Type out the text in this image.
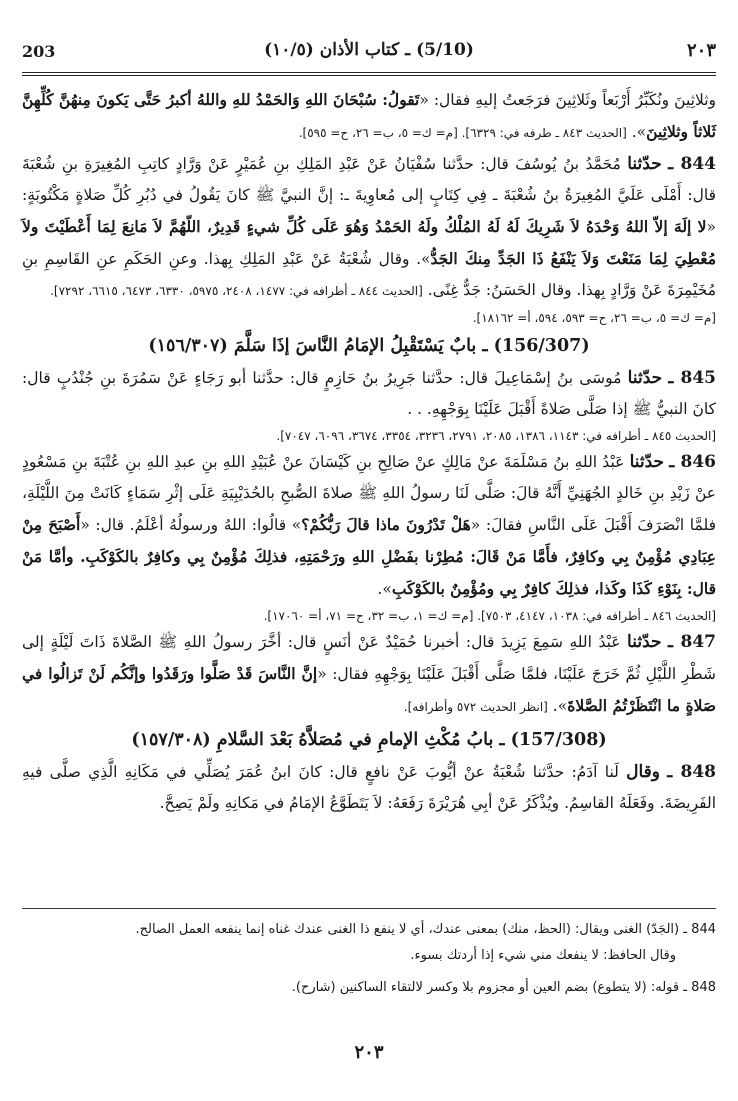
203	(5/10) ـ كتاب الأذان (١٠/٥)	٢٠٣

وثلاثِينَ ونُكَبِّرُ أَرْبَعاً وثَلاثِينَ فرَجَعتُ إليهِ فقال: «تَقولُ: سُبْحَانَ اللهِ وَالحَمْدُ للهِ واللهُ أكبرُ حَتَّى يَكونَ مِنهُنَّ كُلِّهِنَّ ثَلاثاً وثلاثِينَ». [الحديث ٨٤٣ ـ طرفه في: ٦٣٢٩]. [م= ك= ٥، ب= ٢٦، ح= ٥٩٥].

844 ـ حدّثنا مُحَمَّدُ بنُ يُوسُفَ قال: حدَّثنا سُفْيَانُ عَنْ عَبْدِ المَلِكِ بنِ عُمَيْرٍ عَنْ وَرَّادٍ كاتِبِ المُغِيرَةِ بنِ شُعْبَةَ قال: أَمْلَى عَلَيَّ المُغِيرَةُ بنُ شُعْبَةَ ـ فِي كِتَابٍ إلى مُعاوِيةَ ـ: إنَّ النبيَّ ﷺ كانَ يَقُولُ في دُبُرِ كُلِّ صَلاةٍ مَكْتُوبَةٍ: «لا إلَهَ إلاّ اللهُ وَحْدَهُ لاَ شَرِيكَ لَهُ لَهُ المُلْكُ ولَهُ الحَمْدُ وَهُوَ عَلَى كُلِّ شيءٍ قَدِيرٌ، اللّهُمَّ لاَ مَانِعَ لِمَا أَعْطَيْتَ ولاَ مُعْطِيَ لِمَا مَنَعْتَ وَلاَ يَنْفَعُ ذَا الجَدِّ مِنكَ الجَدُّ». وقال شُعْبَةُ عَنْ عَبْدِ المَلِكِ بِهذا. وعنِ الحَكَمِ عنِ القَاسِمِ بنِ مُخَيْمِرَةَ عَنْ وَرَّادٍ بِهذا. وقال الحَسَنُ: جَدٌّ غِنًى. [الحديث ٨٤٤ ـ أطرافه في: ١٤٧٧، ٢٤٠٨، ٥٩٧٥، ٦٣٣٠، ٦٤٧٣، ٦٦١٥، ٧٢٩٢].

[م= ك= ٥، ب= ٢٦، ح= ٥٩٣، ٥٩٤، أ= ١٨١٦٢].

(156/307) ـ بابٌ يَسْتَقْبِلُ الإمَامُ النَّاسَ إذَا سَلَّمَ (١٥٦/٣٠٧)

845 ـ حدّثنا مُوسَى بنُ إسْمَاعِيلَ قال: حدَّثنا جَرِيرُ بنُ حَازِمٍ قال: حدَّثنا أبو رَجَاءٍ عَنْ سَمُرَةَ بنِ جُنْدُبٍ قال: كانَ النبيُّ ﷺ إذا صَلَّى صَلاةً أَقْبَلَ عَلَيْنَا بِوَجْهِهِ. . .

[الحديث ٨٤٥ ـ أطرافه في: ١١٤٣، ١٣٨٦، ٢٠٨٥، ٢٧٩١، ٣٢٣٦، ٣٣٥٤، ٣٦٧٤، ٦٠٩٦، ٧٠٤٧].

846 ـ حدّثنا عَبْدُ اللهِ بنُ مَسْلَمَةَ عنْ مَالِكٍ عنْ صَالِحِ بنِ كَيْسَانَ عنْ عُبَيْدِ اللهِ بنِ عبدِ اللهِ بنِ عُتْبَةَ بنِ مَسْعُودٍ عنْ زَيْدِ بنِ خَالدٍ الجُهَنِيِّ أَنَّهُ قالَ: صَلَّى لَنَا رسولُ اللهِ ﷺ صلاةَ الصُّبحِ بالحُدَيْبِيَةِ عَلَى إثْرِ سَمَاءٍ كَانَتْ مِنَ اللَّيْلَةِ، فلمَّا انْصَرَفَ أَقْبَلَ عَلَى النَّاسِ فقالَ: «هَلْ تَدْرُونَ ماذا قالَ رَبُّكُمْ؟» قالُوا: اللهُ ورسولُهُ أعْلَمُ. قال: «أَصْبَحَ مِنْ عِبَادِي مُؤْمِنٌ بِي وكافِرٌ، فأَمَّا مَنْ قَالَ: مُطِرْنا بفَضْلِ اللهِ ورَحْمَتِهِ، فذلِكَ مُؤْمِنٌ بِي وكافِرٌ بالكَوْكَبِ. وأمَّا مَنْ قال: بِنَوْءِ كَذَا وكَذا، فذلِكَ كافِرٌ بِي ومُؤْمِنٌ بالكَوْكَبِ».

[الحديث ٨٤٦ ـ أطرافه في: ١٠٣٨، ٤١٤٧، ٧٥٠٣]. [م= ك= ١، ب= ٣٢، ح= ٧١، أ= ١٧٠٦٠].

847 ـ حدّثنا عَبْدُ اللهِ سَمِعَ يَزِيدَ قال: أخبرنا حُمَيْدٌ عَنْ أنَسٍ قال: أخَّرَ رسولُ اللهِ ﷺ الصَّلاةَ ذَاتَ لَيْلَةٍ إلى شَطْرِ اللَّيْلِ ثُمَّ خَرَجَ عَلَيْنَا، فلمَّا صَلَّى أَقْبَلَ عَلَيْنَا بِوَجْهِهِ فقال: «إنَّ النَّاسَ قَدْ صَلَّوا ورَقَدُوا وإنَّكُم لَنْ تَزالُوا في صَلاةٍ ما انْتَظَرْتُمُ الصَّلاةَ». [انظر الحديث ٥٧٢ وأطرافه].

(157/308) ـ بابُ مُكْثِ الإمامِ في مُصَلاَّهُ بَعْدَ السَّلامِ (١٥٧/٣٠٨)

848 ـ وقال لَنا آدَمُ: حدَّثنا شُعْبَةُ عنْ أيُّوبَ عَنْ نافعٍ قال: كانَ ابنُ عُمَرَ يُصَلِّي في مَكَانِهِ الَّذِي صلَّى فيهِ الفَرِيضَةَ. وفَعَلَهُ القاسِمُ. ويُذْكَرُ عَنْ أبِي هُرَيْرَةَ رَفَعَهُ: لاَ يَتَطَوَّعُ الإمَامُ في مَكانِهِ ولَمْ يَصِحَّ.

844 ـ (الجَدّ) الغنى ويقال: (الحظ، منك) بمعنى عندك، أي لا ينفع ذا الغنى عندك غناه إنما ينفعه العمل الصالح.

وقال الحافظ: لا ينفعك مني شيء إذا أردتك بسوء.

848 ـ قوله: (لا يتطوع) بضم العين أو مجزوم بلا وكسر لالتقاء الساكنين (شارح).

٢٠٣
